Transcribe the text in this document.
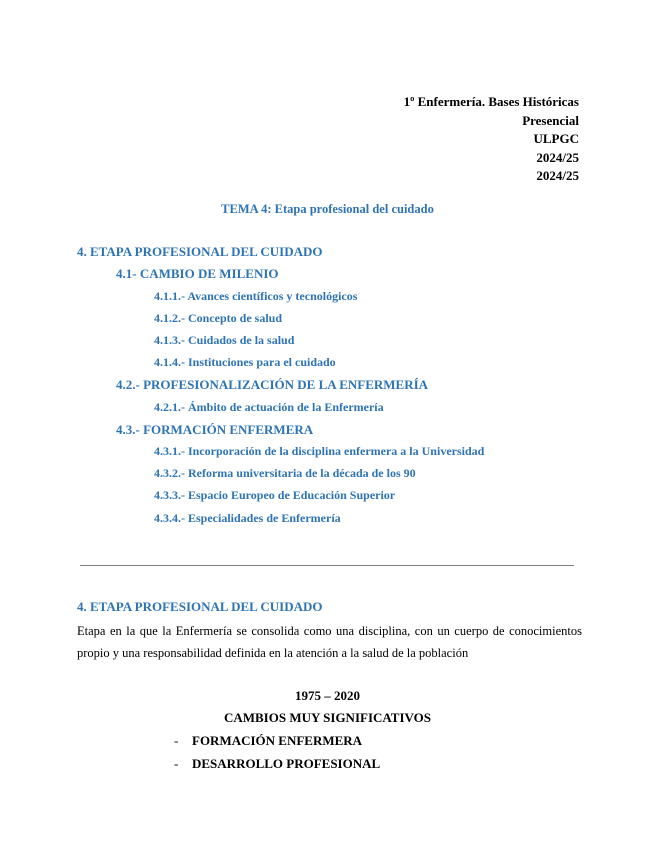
1º Enfermería. Bases Históricas
Presencial
ULPGC
2024/25
2024/25
TEMA 4: Etapa profesional del cuidado
4. ETAPA PROFESIONAL DEL CUIDADO
4.1- CAMBIO DE MILENIO
4.1.1.- Avances científicos y tecnológicos
4.1.2.- Concepto de salud
4.1.3.- Cuidados de la salud
4.1.4.- Instituciones para el cuidado
4.2.- PROFESIONALIZACIÓN DE LA ENFERMERÍA
4.2.1.- Ámbito de actuación de la Enfermería
4.3.- FORMACIÓN ENFERMERA
4.3.1.- Incorporación de la disciplina enfermera a la Universidad
4.3.2.- Reforma universitaria de la década de los 90
4.3.3.- Espacio Europeo de Educación Superior
4.3.4.- Especialidades de Enfermería
4. ETAPA PROFESIONAL DEL CUIDADO
Etapa en la que la Enfermería se consolida como una disciplina, con un cuerpo de conocimientos propio y una responsabilidad definida en la atención a la salud de la población
1975 – 2020
CAMBIOS MUY SIGNIFICATIVOS
- FORMACIÓN ENFERMERA
- DESARROLLO PROFESIONAL
